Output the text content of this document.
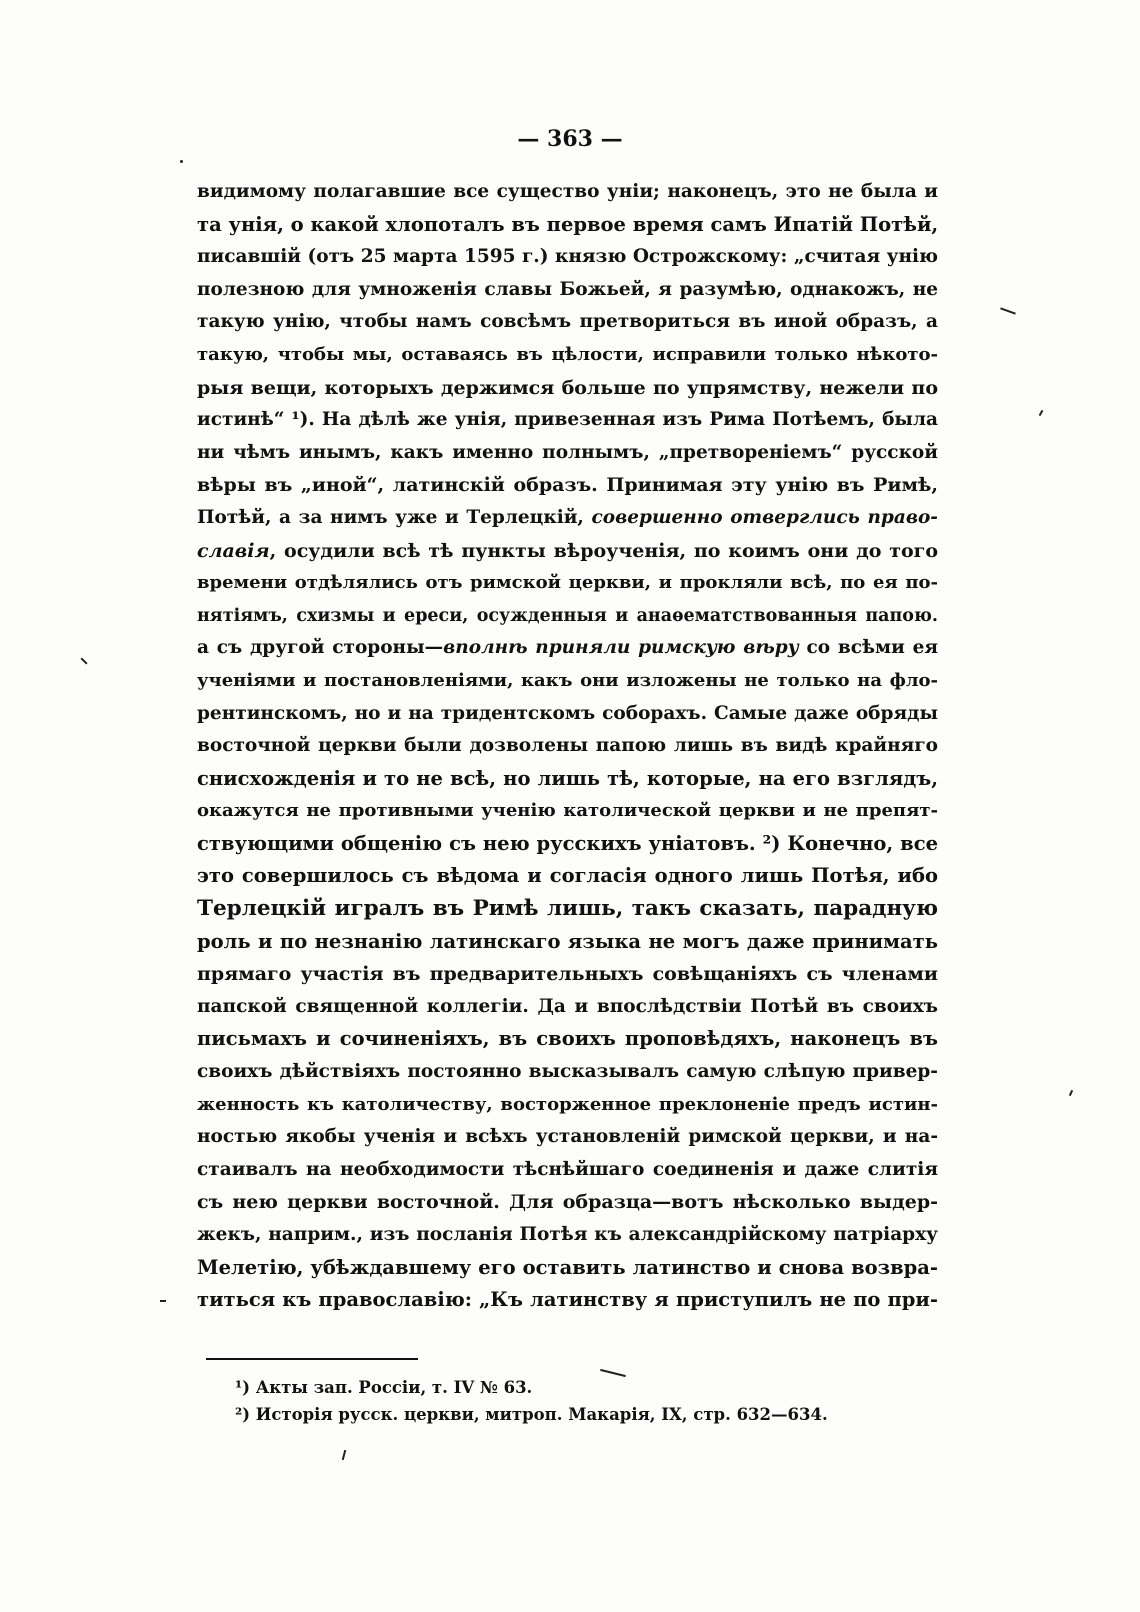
— 363 —
видимому полагавшие все существо уніи; наконецъ, это не была и
та унія, о какой хлопоталъ въ первое время самъ Ипатій Потѣй,
писавшій (отъ 25 марта 1595 г.) князю Острожскому: „считая унію
полезною для умноженія славы Божьей, я разумѣю, однакожъ, не
такую унію, чтобы намъ совсѣмъ претвориться въ иной образъ, а
такую, чтобы мы, оставаясь въ цѣлости, исправили только нѣкото-
рыя вещи, которыхъ держимся больше по упрямству, нежели по
истинѣ“ ¹). На дѣлѣ же унія, привезенная изъ Рима Потѣемъ, была
ни чѣмъ инымъ, какъ именно полнымъ, „претвореніемъ“ русской
вѣры въ „иной“, латинскій образъ. Принимая эту унію въ Римѣ,
Потѣй, а за нимъ уже и Терлецкій, совершенно отверглись право-
славія, осудили всѣ тѣ пункты вѣроученія, по коимъ они до того
времени отдѣлялись отъ римской церкви, и прокляли всѣ, по ея по-
нятіямъ, схизмы и ереси, осужденныя и анаѳематствованныя папою.
а съ другой стороны—вполнѣ приняли римскую вѣру со всѣми ея
ученіями и постановленіями, какъ они изложены не только на фло-
рентинскомъ, но и на тридентскомъ соборахъ. Самые даже обряды
восточной церкви были дозволены папою лишь въ видѣ крайняго
снисхожденія и то не всѣ, но лишь тѣ, которые, на его взглядъ,
окажутся не противными ученію католической церкви и не препят-
ствующими общенію съ нею русскихъ уніатовъ. ²) Конечно, все
это совершилось съ вѣдома и согласія одного лишь Потѣя, ибо
Терлецкій игралъ въ Римѣ лишь, такъ сказать, парадную
роль и по незнанію латинскаго языка не могъ даже принимать
прямаго участія въ предварительныхъ совѣщаніяхъ съ членами
папской священной коллегіи. Да и впослѣдствіи Потѣй въ своихъ
письмахъ и сочиненіяхъ, въ своихъ проповѣдяхъ, наконецъ въ
своихъ дѣйствіяхъ постоянно высказывалъ самую слѣпую привер-
женность къ католичеству, восторженное преклоненіе предъ истин-
ностью якобы ученія и всѣхъ установленій римской церкви, и на-
стаивалъ на необходимости тѣснѣйшаго соединенія и даже слитія
съ нею церкви восточной. Для образца—вотъ нѣсколько выдер-
жекъ, наприм., изъ посланія Потѣя къ александрійскому патріарху
Мелетію, убѣждавшему его оставить латинство и снова возвра-
титься къ православію: „Къ латинству я приступилъ не по при-
¹) Акты зап. Россіи, т. IV № 63.
²) Исторія русск. церкви, митроп. Макарія, IX, стр. 632—634.
